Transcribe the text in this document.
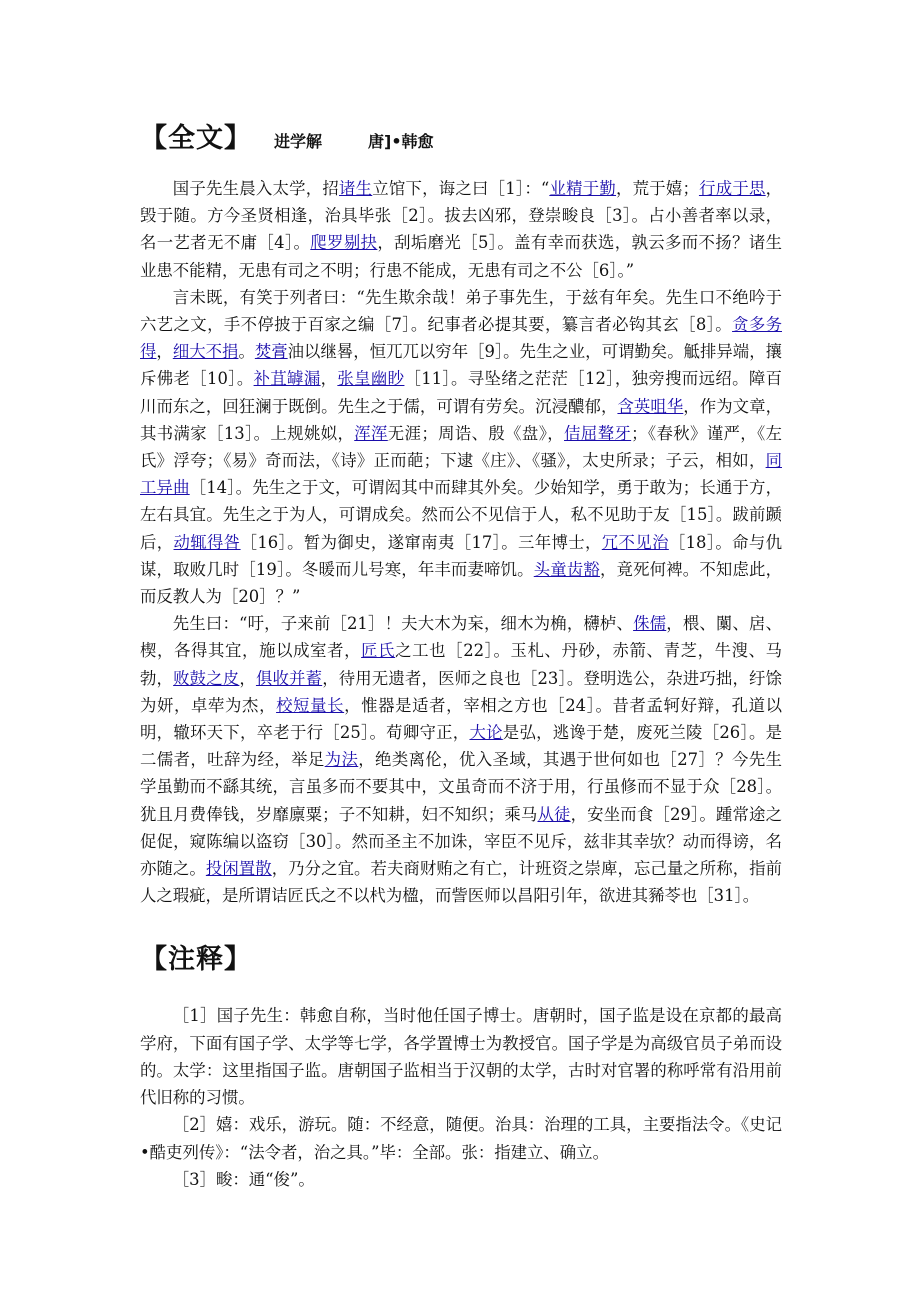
【全文】 进学解	唐]•韩愈

国子先生晨入太学，招诸生立馆下，诲之曰［1］：“业精于勤，荒于嬉；行成于思，毁于随。方今圣贤相逢，治具毕张［2］。拔去凶邪，登崇畯良［3］。占小善者率以录，名一艺者无不庸［4］。爬罗剔抉，刮垢磨光［5］。盖有幸而获选，孰云多而不扬？诸生业患不能精，无患有司之不明；行患不能成，无患有司之不公［6］。”

言未既，有笑于列者曰：“先生欺余哉！弟子事先生，于兹有年矣。先生口不绝吟于六艺之文，手不停披于百家之编［7］。纪事者必提其要，纂言者必钩其玄［8］。贪多务得，细大不捐。焚膏油以继晷，恒兀兀以穷年［9］。先生之业，可谓勤矣。觝排异端，攘斥佛老［10］。补苴罅漏，张皇幽眇［11］。寻坠绪之茫茫［12］，独旁搜而远绍。障百川而东之，回狂澜于既倒。先生之于儒，可谓有劳矣。沉浸醲郁，含英咀华，作为文章，其书满家［13］。上规姚姒，浑浑无涯；周诰、殷《盘》，佶屈聱牙；《春秋》谨严，《左氏》浮夸；《易》奇而法，《诗》正而葩；下逮《庄》、《骚》，太史所录；子云，相如，同工异曲［14］。先生之于文，可谓闳其中而肆其外矣。少始知学，勇于敢为；长通于方，左右具宜。先生之于为人，可谓成矣。然而公不见信于人，私不见助于友［15］。跋前踬后，动辄得咎［16］。暂为御史，遂窜南夷［17］。三年博士，冗不见治［18］。命与仇谋，取败几时［19］。冬暖而儿号寒，年丰而妻啼饥。头童齿豁，竟死何裨。不知虑此，而反教人为［20］？”

先生曰：“吁，子来前［21］！夫大木为杗，细木为桷，欂栌、侏儒，椳、闑、扂、楔，各得其宜，施以成室者，匠氏之工也［22］。玉札、丹砂，赤箭、青芝，牛溲、马勃，败鼓之皮，俱收并蓄，待用无遗者，医师之良也［23］。登明选公，杂进巧拙，纡馀为妍，卓荦为杰，校短量长，惟器是适者，宰相之方也［24］。昔者孟轲好辩，孔道以明，辙环天下，卒老于行［25］。荀卿守正，大论是弘，逃谗于楚，废死兰陵［26］。是二儒者，吐辞为经，举足为法，绝类离伦，优入圣域，其遇于世何如也［27］？今先生学虽勤而不繇其统，言虽多而不要其中，文虽奇而不济于用，行虽修而不显于众［28］。犹且月费俸钱，岁靡廪粟；子不知耕，妇不知织；乘马从徒，安坐而食［29］。踵常途之促促，窥陈编以盗窃［30］。然而圣主不加诛，宰臣不见斥，兹非其幸欤？动而得谤，名亦随之。投闲置散，乃分之宜。若夫商财贿之有亡，计班资之崇庳，忘己量之所称，指前人之瑕疵，是所谓诘匠氏之不以杙为楹，而訾医师以昌阳引年，欲进其豨苓也［31］。

【注释】

［1］国子先生：韩愈自称，当时他任国子博士。唐朝时，国子监是设在京都的最高学府，下面有国子学、太学等七学，各学置博士为教授官。国子学是为高级官员子弟而设的。太学：这里指国子监。唐朝国子监相当于汉朝的太学，古时对官署的称呼常有沿用前代旧称的习惯。

［2］嬉：戏乐，游玩。随：不经意，随便。治具：治理的工具，主要指法令。《史记•酷吏列传》：“法令者，治之具。”毕：全部。张：指建立、确立。

［3］畯：通“俊”。
